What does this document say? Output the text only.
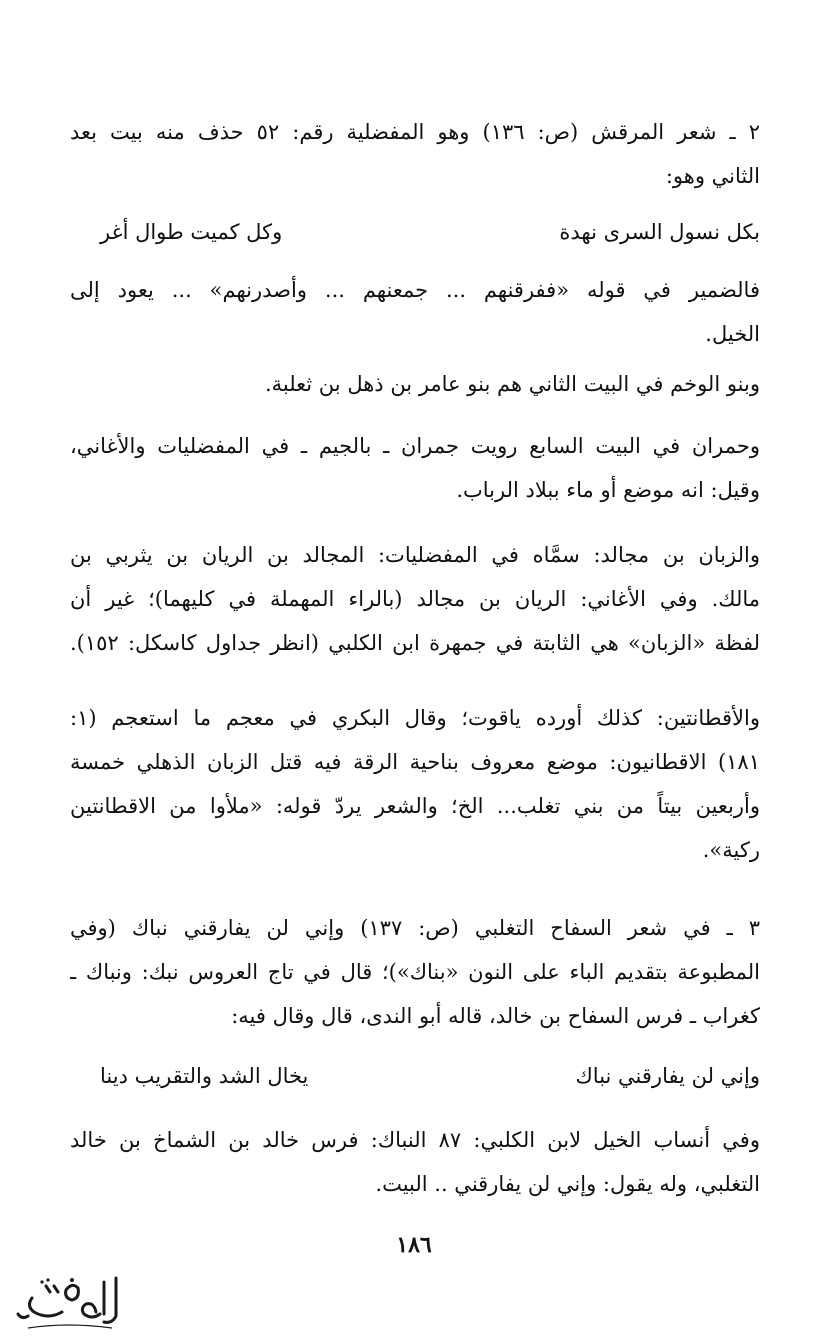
٢ ـ شعر المرقش (ص: ١٣٦) وهو المفضلية رقم: ٥٢ حذف منه بيت بعد
الثاني وهو:
بكل نسول السرى نهدة
وكل كميت طوال أغر
فالضمير في قوله «ففرقنهم ... جمعنهم ... وأصدرنهم» ... يعود إلى
الخيل.
وبنو الوخم في البيت الثاني هم بنو عامر بن ذهل بن ثعلبة.
وحمران في البيت السابع رويت جمران ـ بالجيم ـ في المفضليات والأغاني،
وقيل: انه موضع أو ماء ببلاد الرباب.
والزبان بن مجالد: سمَّاه في المفضليات: المجالد بن الريان بن يثربي بن
مالك. وفي الأغاني: الريان بن مجالد (بالراء المهملة في كليهما)؛ غير أن
لفظة «الزبان» هي الثابتة في جمهرة ابن الكلبي (انظر جداول كاسكل: ١٥٢).
والأقطانتين: كذلك أورده ياقوت؛ وقال البكري في معجم ما استعجم (١:
١٨١) الاقطانيون: موضع معروف بناحية الرقة فيه قتل الزبان الذهلي خمسة
وأربعين بيتاً من بني تغلب... الخ؛ والشعر يردّ قوله: «ملأوا من الاقطانتين
ركية».
٣ ـ في شعر السفاح التغلبي (ص: ١٣٧) وإني لن يفارقني نباك (وفي
المطبوعة بتقديم الباء على النون «بناك»)؛ قال في تاج العروس نبك: ونباك ـ
كغراب ـ فرس السفاح بن خالد، قاله أبو الندى، قال وقال فيه:
وإني لن يفارقني نباك
يخال الشد والتقريب دينا
وفي أنساب الخيل لابن الكلبي: ٨٧ النباك: فرس خالد بن الشماخ بن خالد
التغلبي، وله يقول: وإني لن يفارقني .. البيت.
١٨٦
